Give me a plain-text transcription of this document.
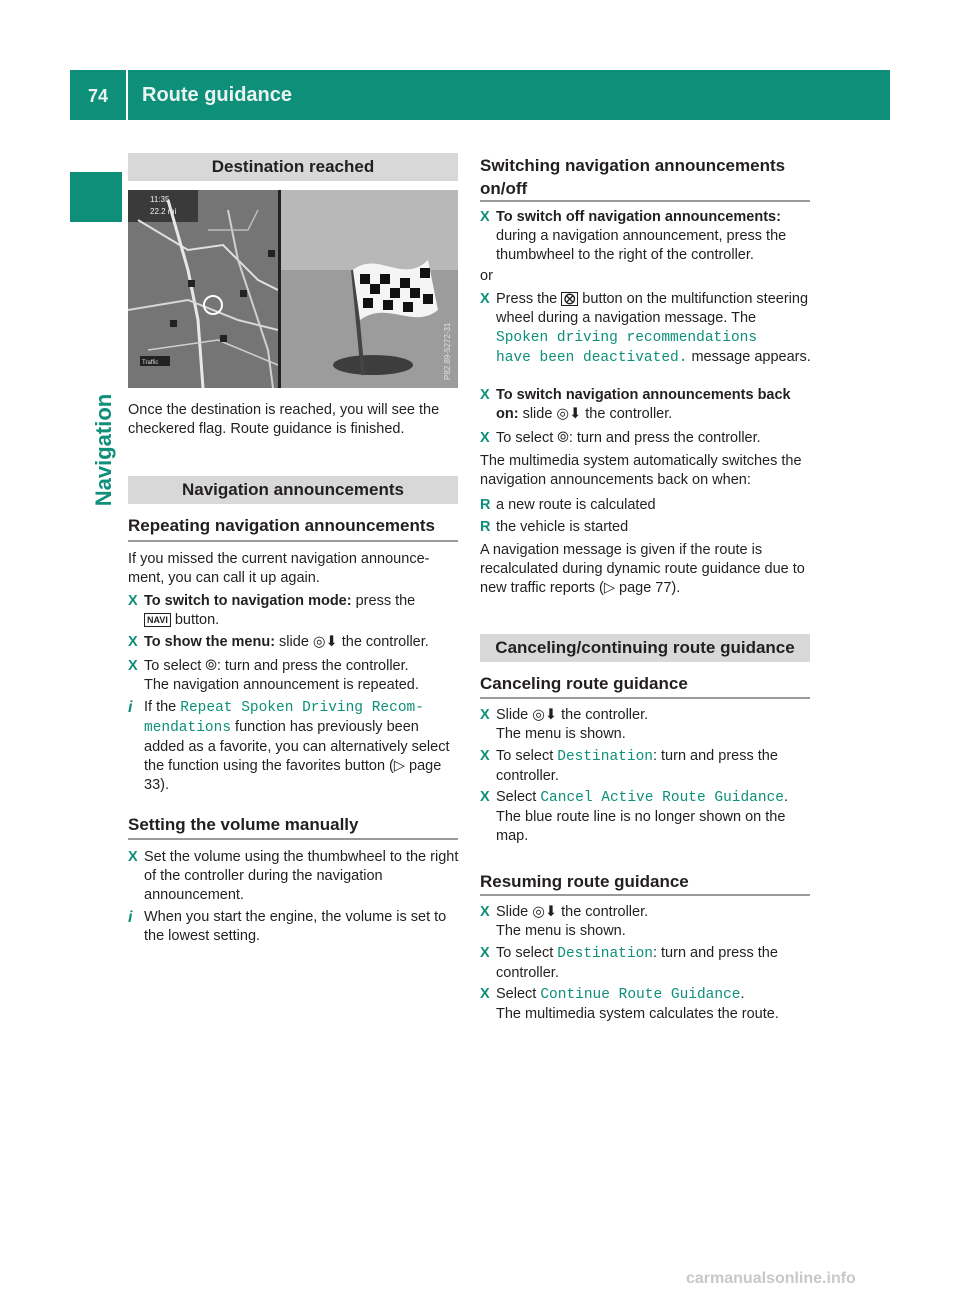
74 Route guidance
Navigation
Destination reached
11:35
22.2 mi
Traffic	P82.89-5272-31
Once the destination is reached, you will see the checkered flag. Route guidance is finished.
Navigation announcements
Repeating navigation announcements
If you missed the current navigation announce-ment, you can call it up again.
X To switch to navigation mode: press the
NAVI button.
X To show the menu: slide ◎⬇ the controller.
X To select ⦾: turn and press the controller.
The navigation announcement is repeated.
i If the Repeat Spoken Driving Recom‐
mendations function has previously been added as a favorite, you can alternatively select the function using the favorites button (▷ page 33).
Setting the volume manually
X Set the volume using the thumbwheel to the right of the controller during the navigation announcement.
i When you start the engine, the volume is set to the lowest setting.
Switching navigation announcements on/off
X To switch off navigation announcements: during a navigation announcement, press the thumbwheel to the right of the controller.
or
X Press the ⨂ button on the multifunction steering wheel during a navigation message. The Spoken driving recommendations
have been deactivated. message appears.
X To switch navigation announcements back on: slide ◎⬇ the controller.
X To select ⦾: turn and press the controller.
The multimedia system automatically switches the navigation announcements back on when:
R a new route is calculated
R the vehicle is started
A navigation message is given if the route is recalculated during dynamic route guidance due to new traffic reports (▷ page 77).
Canceling/continuing route guidance
Canceling route guidance
X Slide ◎⬇ the controller.
The menu is shown.
X To select Destination: turn and press the controller.
X Select Cancel Active Route Guidance.
The blue route line is no longer shown on the map.
Resuming route guidance
X Slide ◎⬇ the controller.
The menu is shown.
X To select Destination: turn and press the controller.
X Select Continue Route Guidance.
The multimedia system calculates the route.
carmanualsonline.info
